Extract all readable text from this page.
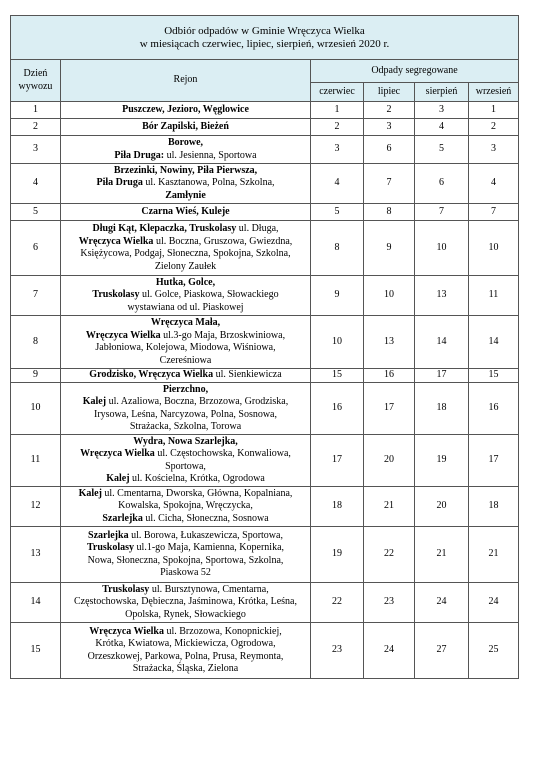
Odbiór odpadów w Gminie Wręczyca Wielka
w miesiącach czerwiec, lipiec, sierpień, wrzesień 2020 r.					

Dzień
wywozu	Rejon	Odpady segregowane			
		czerwiec	lipiec	sierpień	wrzesień
1	Puszczew, Jezioro, Węglowice	1	2	3	1
2	Bór Zapilski, Bieżeń	2	3	4	2
3	Borowe,
Piła Druga: ul. Jesienna, Sportowa	3	6	5	3
4	Brzezinki, Nowiny, Piła Pierwsza,
Piła Druga ul. Kasztanowa, Polna, Szkolna,
Zamłynie	4	7	6	4
5	Czarna Wieś, Kuleje	5	8	7	7
6	Długi Kąt, Klepaczka, Truskolasy ul. Długa,
Wręczyca Wielka ul. Boczna, Gruszowa, Gwiezdna,
Księżycowa, Podgaj, Słoneczna, Spokojna, Szkolna,
Zielony Zaułek	8	9	10	10
7	Hutka, Golce,
Truskolasy ul. Golce, Piaskowa, Słowackiego
wystawiana od ul. Piaskowej	9	10	13	11
8	Wręczyca Mała,
Wręczyca Wielka ul.3-go Maja, Brzoskwiniowa,
Jabłoniowa, Kolejowa, Miodowa, Wiśniowa,
Czereśniowa	10	13	14	14
9	Grodzisko, Wręczyca Wielka ul. Sienkiewicza	15	16	17	15
10	Pierzchno,
Kalej ul. Azaliowa, Boczna, Brzozowa, Grodziska,
Irysowa, Leśna, Narcyzowa, Polna, Sosnowa,
Strażacka, Szkolna, Torowa	16	17	18	16
11	Wydra, Nowa Szarlejka,
Wręczyca Wielka ul. Częstochowska, Konwaliowa,
Sportowa,
Kalej ul. Kościelna, Krótka, Ogrodowa	17	20	19	17
12	Kalej ul. Cmentarna, Dworska, Główna, Kopalniana,
Kowalska, Spokojna, Wręczycka,
Szarlejka ul. Cicha, Słoneczna, Sosnowa	18	21	20	18
13	Szarlejka ul. Borowa, Łukaszewicza, Sportowa,
Truskolasy ul.1-go Maja, Kamienna, Kopernika,
Nowa, Słoneczna, Spokojna, Sportowa, Szkolna,
Piaskowa 52	19	22	21	21
14	Truskolasy ul. Bursztynowa, Cmentarna,
Częstochowska, Dębieczna, Jaśminowa, Krótka, Leśna,
Opolska, Rynek, Słowackiego	22	23	24	24
15	Wręczyca Wielka ul. Brzozowa, Konopnickiej,
Krótka, Kwiatowa, Mickiewicza, Ogrodowa,
Orzeszkowej, Parkowa, Polna, Prusa, Reymonta,
Strażacka, Śląska, Zielona	23	24	27	25
